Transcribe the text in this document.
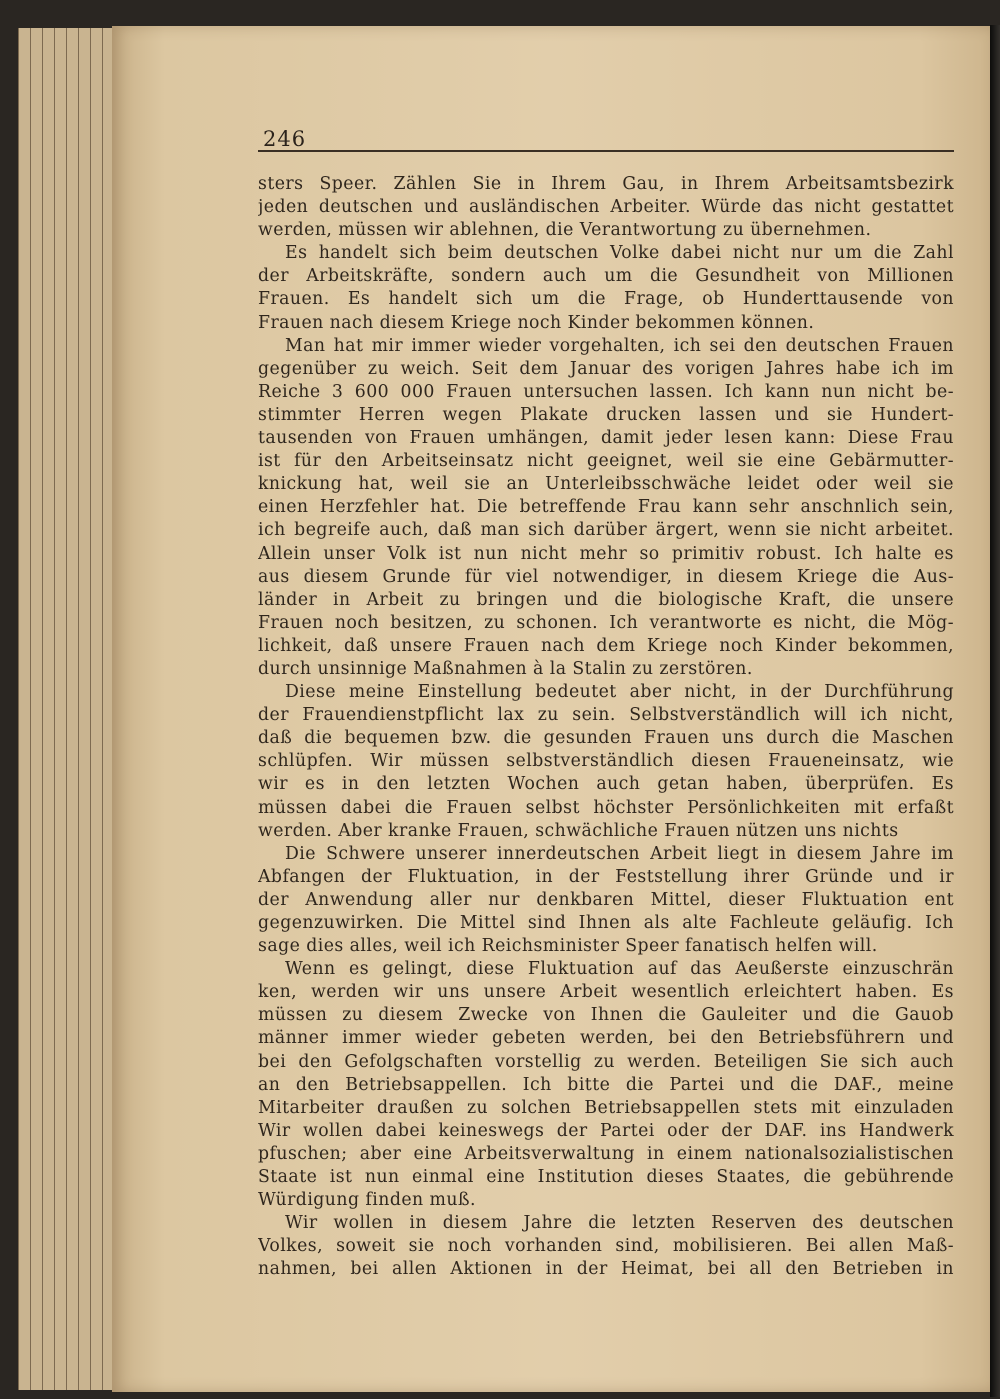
246
sters Speer. Zählen Sie in Ihrem Gau, in Ihrem Arbeitsamtsbezirk
jeden deutschen und ausländischen Arbeiter. Würde das nicht gestattet
werden, müssen wir ablehnen, die Verantwortung zu übernehmen.
Es handelt sich beim deutschen Volke dabei nicht nur um die Zahl
der Arbeitskräfte, sondern auch um die Gesundheit von Millionen
Frauen. Es handelt sich um die Frage, ob Hunderttausende von
Frauen nach diesem Kriege noch Kinder bekommen können.
Man hat mir immer wieder vorgehalten, ich sei den deutschen Frauen
gegenüber zu weich. Seit dem Januar des vorigen Jahres habe ich im
Reiche 3 600 000 Frauen untersuchen lassen. Ich kann nun nicht be-
stimmter Herren wegen Plakate drucken lassen und sie Hundert-
tausenden von Frauen umhängen, damit jeder lesen kann: Diese Frau
ist für den Arbeitseinsatz nicht geeignet, weil sie eine Gebärmutter-
knickung hat, weil sie an Unterleibsschwäche leidet oder weil sie
einen Herzfehler hat. Die betreffende Frau kann sehr anschnlich sein,
ich begreife auch, daß man sich darüber ärgert, wenn sie nicht arbeitet.
Allein unser Volk ist nun nicht mehr so primitiv robust. Ich halte es
aus diesem Grunde für viel notwendiger, in diesem Kriege die Aus-
länder in Arbeit zu bringen und die biologische Kraft, die unsere
Frauen noch besitzen, zu schonen. Ich verantworte es nicht, die Mög-
lichkeit, daß unsere Frauen nach dem Kriege noch Kinder bekommen,
durch unsinnige Maßnahmen à la Stalin zu zerstören.
Diese meine Einstellung bedeutet aber nicht, in der Durchführung
der Frauendienstpflicht lax zu sein. Selbstverständlich will ich nicht,
daß die bequemen bzw. die gesunden Frauen uns durch die Maschen
schlüpfen. Wir müssen selbstverständlich diesen Fraueneinsatz, wie
wir es in den letzten Wochen auch getan haben, überprüfen. Es
müssen dabei die Frauen selbst höchster Persönlichkeiten mit erfaßt
werden. Aber kranke Frauen, schwächliche Frauen nützen uns nichts
Die Schwere unserer innerdeutschen Arbeit liegt in diesem Jahre im
Abfangen der Fluktuation, in der Feststellung ihrer Gründe und ir
der Anwendung aller nur denkbaren Mittel, dieser Fluktuation ent
gegenzuwirken. Die Mittel sind Ihnen als alte Fachleute geläufig. Ich
sage dies alles, weil ich Reichsminister Speer fanatisch helfen will.
Wenn es gelingt, diese Fluktuation auf das Aeußerste einzuschrän
ken, werden wir uns unsere Arbeit wesentlich erleichtert haben. Es
müssen zu diesem Zwecke von Ihnen die Gauleiter und die Gauob
männer immer wieder gebeten werden, bei den Betriebsführern und
bei den Gefolgschaften vorstellig zu werden. Beteiligen Sie sich auch
an den Betriebsappellen. Ich bitte die Partei und die DAF., meine
Mitarbeiter draußen zu solchen Betriebsappellen stets mit einzuladen
Wir wollen dabei keineswegs der Partei oder der DAF. ins Handwerk
pfuschen; aber eine Arbeitsverwaltung in einem nationalsozialistischen
Staate ist nun einmal eine Institution dieses Staates, die gebührende
Würdigung finden muß.
Wir wollen in diesem Jahre die letzten Reserven des deutschen
Volkes, soweit sie noch vorhanden sind, mobilisieren. Bei allen Maß-
nahmen, bei allen Aktionen in der Heimat, bei all den Betrieben in
